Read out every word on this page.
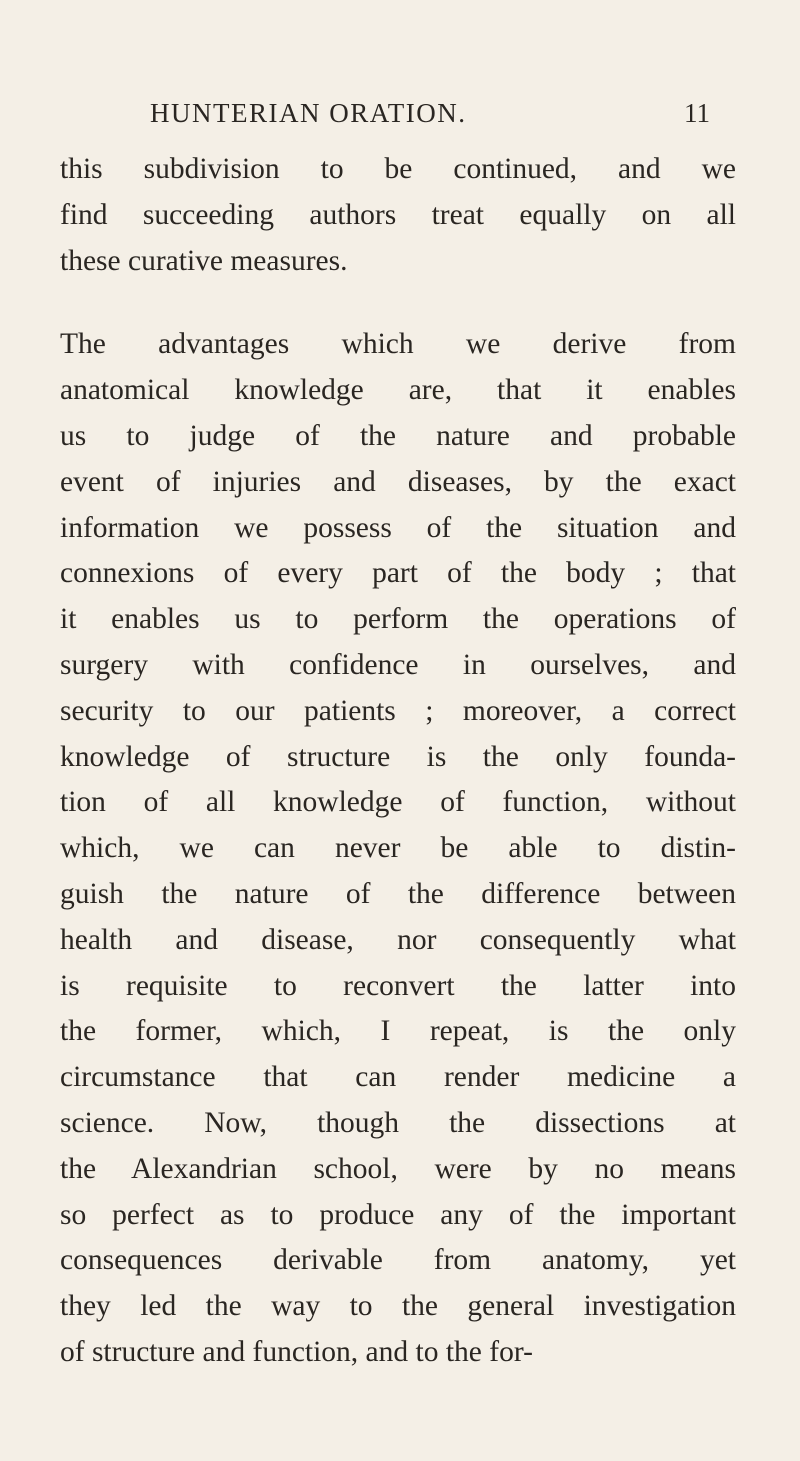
HUNTERIAN ORATION.	11
this subdivision to be continued, and we
find succeeding authors treat equally on all
these curative measures.
The advantages which we derive from
anatomical knowledge are, that it enables
us to judge of the nature and probable
event of injuries and diseases, by the exact
information we possess of the situation and
connexions of every part of the body ; that
it enables us to perform the operations of
surgery with confidence in ourselves, and
security to our patients ; moreover, a correct
knowledge of structure is the only founda-
tion of all knowledge of function, without
which, we can never be able to distin-
guish the nature of the difference between
health and disease, nor consequently what
is requisite to reconvert the latter into
the former, which, I repeat, is the only
circumstance that can render medicine a
science. Now, though the dissections at
the Alexandrian school, were by no means
so perfect as to produce any of the important
consequences derivable from anatomy, yet
they led the way to the general investigation
of structure and function, and to the for-
